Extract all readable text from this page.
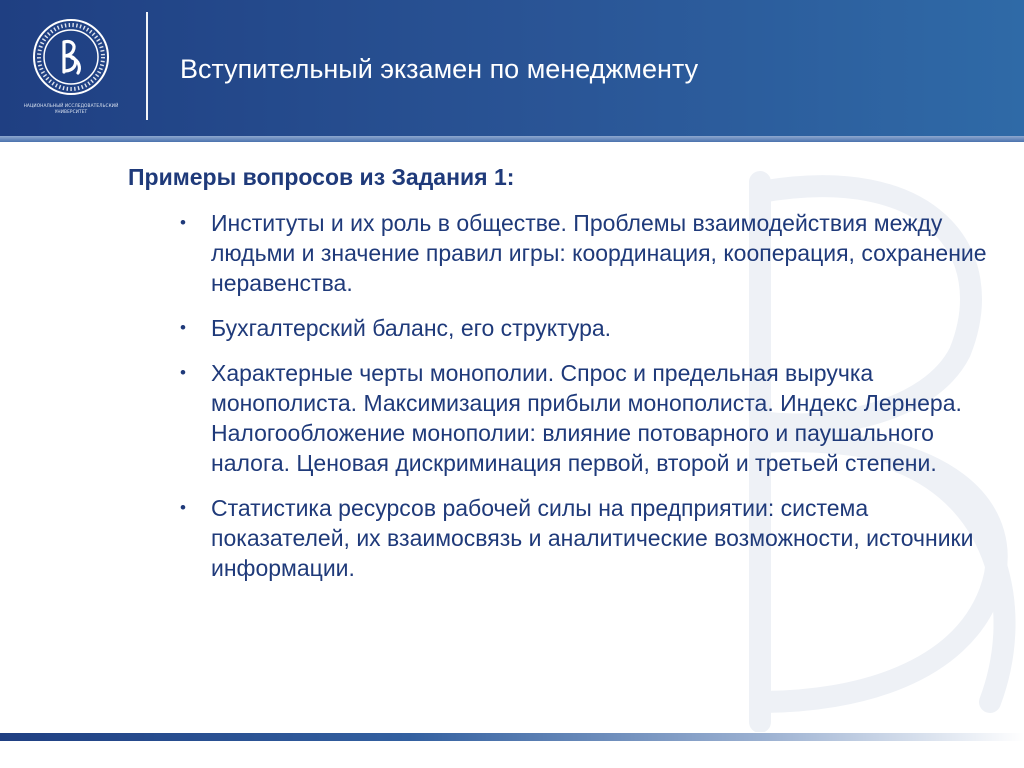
НАЦИОНАЛЬНЫЙ ИССЛЕДОВАТЕЛЬСКИЙ
УНИВЕРСИТЕТ
Вступительный экзамен по менеджменту
Примеры вопросов из Задания 1:
• Институты и их роль в обществе. Проблемы взаимодействия между людьми и значение правил игры: координация, кооперация, сохранение неравенства.
• Бухгалтерский баланс, его структура.
• Характерные черты монополии. Спрос и предельная выручка монополиста. Максимизация прибыли монополиста. Индекс Лернера. Налогообложение монополии: влияние потоварного и паушального налога. Ценовая дискриминация первой, второй и третьей степени.
• Статистика ресурсов рабочей силы на предприятии: система показателей, их взаимосвязь и аналитические возможности, источники информации.
